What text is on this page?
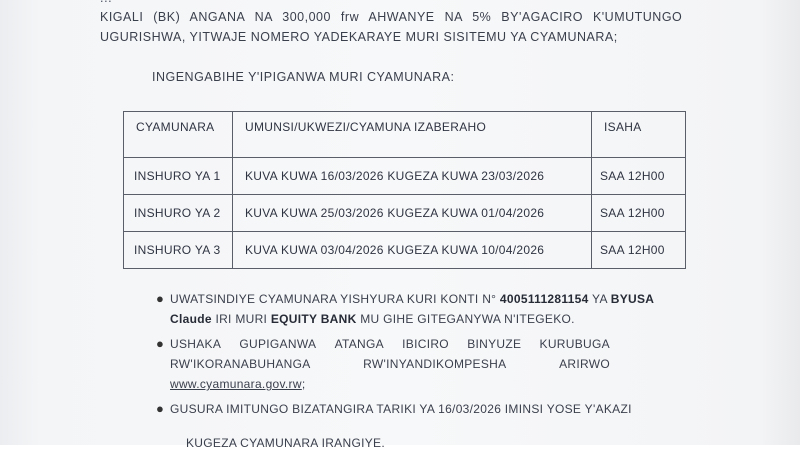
KIGALI (BK) ANGANA NA 300,000 frw AHWANYE NA 5% BY'AGACIRO K'UMUTUNGO
UGURISHWA, YITWAJE NOMERO YADEKARAYE MURI SISITEMU YA CYAMUNARA;
INGENGABIHE Y'IPIGANWA MURI CYAMUNARA:
CYAMUNARA	UMUNSI/UKWEZI/CYAMUNA IZABERAHO	ISAHA
INSHURO YA 1	KUVA KUWA 16/03/2026 KUGEZA KUWA 23/03/2026	SAA 12H00
INSHURO YA 2	KUVA KUWA 25/03/2026 KUGEZA KUWA 01/04/2026	SAA 12H00
INSHURO YA 3	KUVA KUWA 03/04/2026 KUGEZA KUWA 10/04/2026	SAA 12H00
● UWATSINDIYE CYAMUNARA YISHYURA KURI KONTI N° 4005111281154 YA BYUSA
Claude IRI MURI EQUITY BANK MU GIHE GITEGANYWA N'ITEGEKO.
● USHAKA GUPIGANWA ATANGA IBICIRO BINYUZE KURUBUGA
RW'IKORANABUHANGA	RW'INYANDIKOMPESHA	ARIRWO
www.cyamunara.gov.rw;
● GUSURA IMITUNGO BIZATANGIRA TARIKI YA 16/03/2026 IMINSI YOSE Y'AKAZI
KUGEZA CYAMUNARA IRANGIYE.
